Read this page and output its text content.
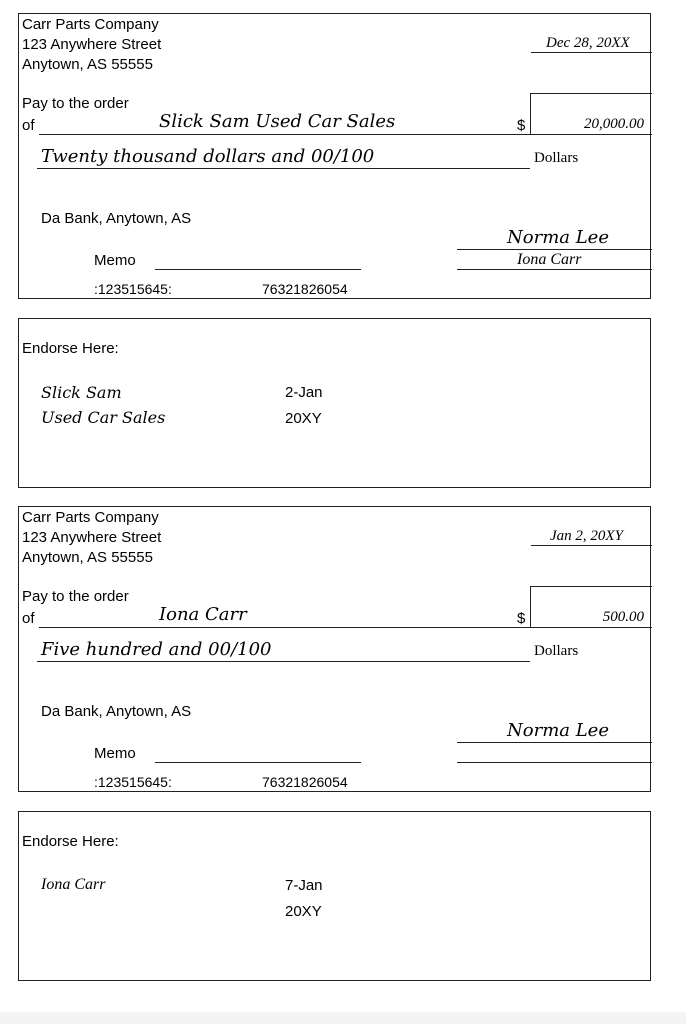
Carr Parts Company
123 Anywhere Street
Anytown, AS 55555
Dec 28, 20XX
Pay to the order
of	Slick Sam Used Car Sales	$	20,000.00
Twenty thousand dollars and 00/100	Dollars
Da Bank, Anytown, AS
Norma Lee
Iona Carr
Memo
:123515645:	76321826054
Endorse Here:
Slick Sam
Used Car Sales
2-Jan
20XY
Carr Parts Company
123 Anywhere Street
Anytown, AS 55555
Jan 2, 20XY
Pay to the order
of	Iona Carr	$	500.00
Five hundred and 00/100	Dollars
Da Bank, Anytown, AS
Norma Lee
Memo
:123515645:	76321826054
Endorse Here:
Iona Carr	7-Jan
20XY
